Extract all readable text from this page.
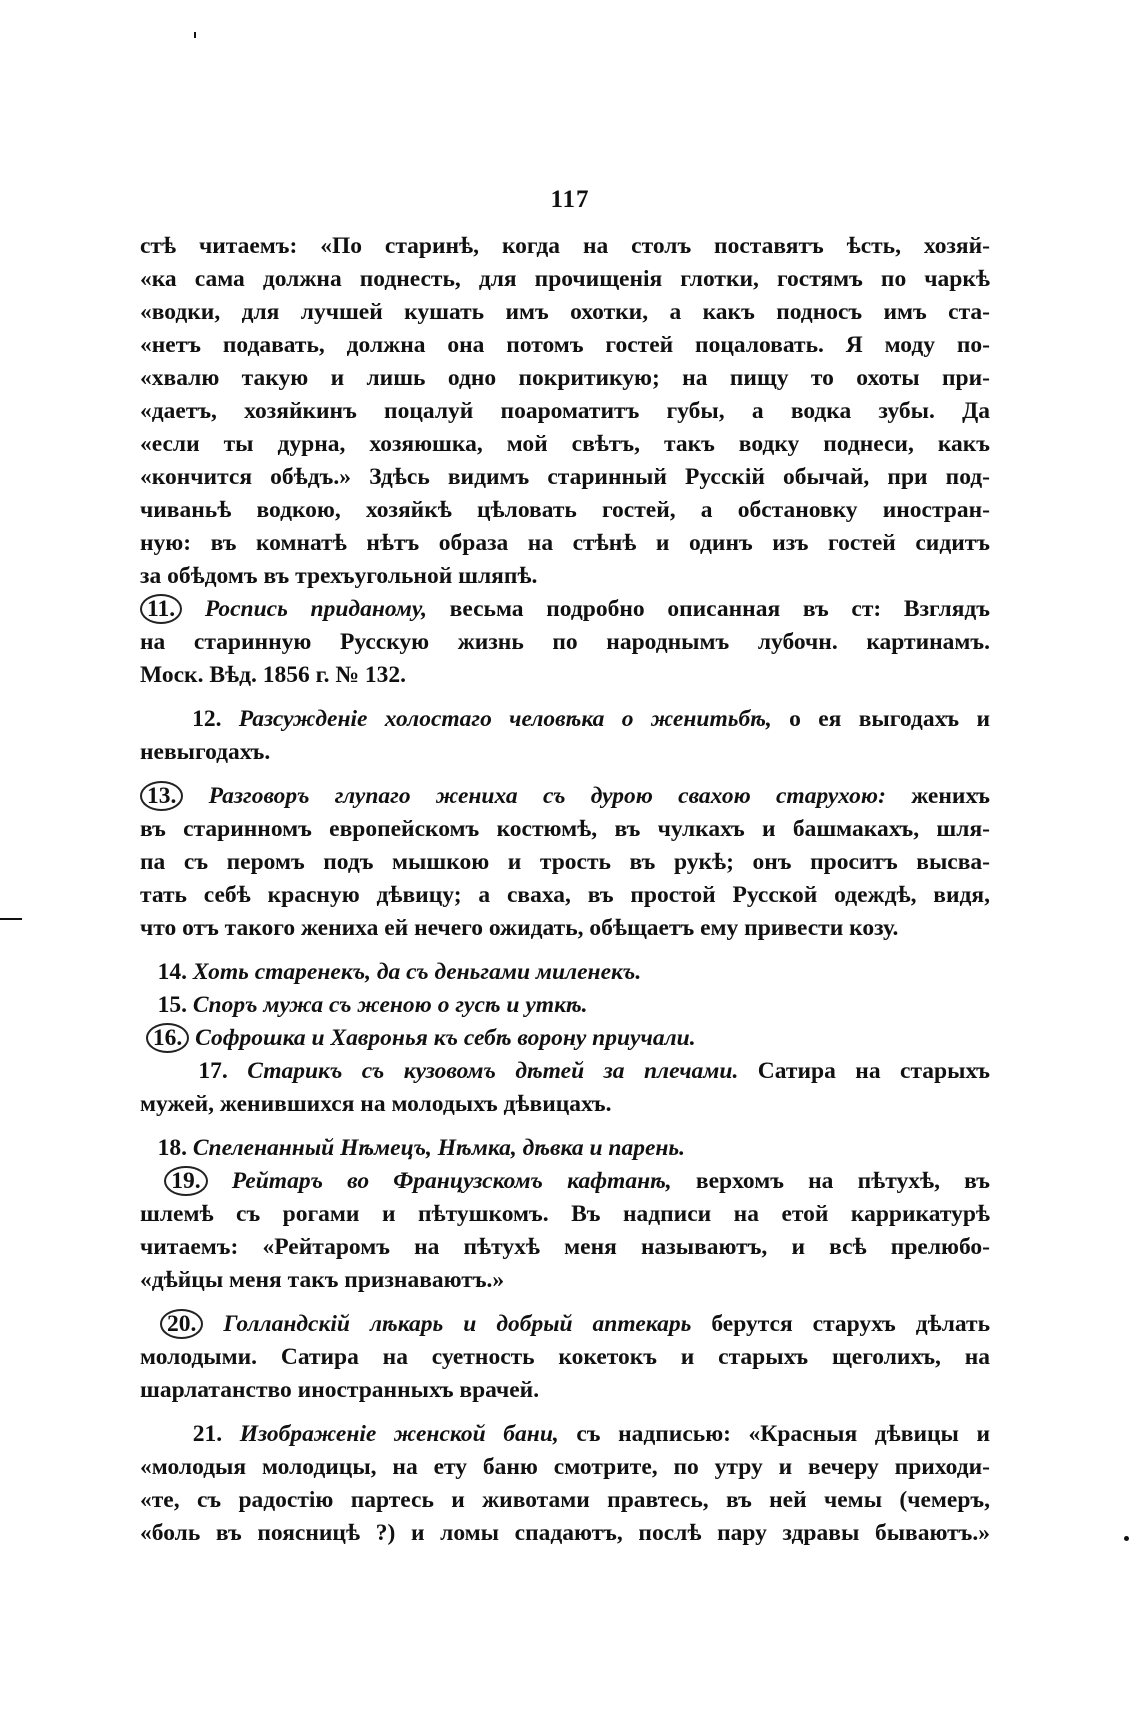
117
стѣ читаемъ: «По старинѣ, когда на столъ поставятъ ѣсть, хозяй-
«ка сама должна поднесть, для прочищенія глотки, гостямъ по чаркѣ
«водки, для лучшей кушать имъ охотки, а какъ подносъ имъ ста-
«нетъ подавать, должна она потомъ гостей поцаловать. Я моду по-
«хвалю такую и лишь одно покритикую; на пищу то охоты при-
«даетъ, хозяйкинъ поцалуй поароматитъ губы, а водка зубы. Да
«если ты дурна, хозяюшка, мой свѣтъ, такъ водку поднеси, какъ
«кончится обѣдъ.» Здѣсь видимъ старинный Русскій обычай, при под-
чиваньѣ водкою, хозяйкѣ цѣловать гостей, а обстановку иностран-
ную: въ комнатѣ нѣтъ образа на стѣнѣ и одинъ изъ гостей сидитъ
за обѣдомъ въ трехъугольной шляпѣ.
11. Роспись приданому, весьма подробно описанная въ ст: Взглядъ
на старинную Русскую жизнь по народнымъ лубочн. картинамъ.
Моск. Вѣд. 1856 г. № 132.
12. Разсужденіе холостаго человѣка о женитьбѣ, о ея выгодахъ и
невыгодахъ.
13. Разговоръ глупаго жениха съ дурою свахою старухою: женихъ
въ старинномъ европейскомъ костюмѣ, въ чулкахъ и башмакахъ, шля-
па съ перомъ подъ мышкою и трость въ рукѣ; онъ проситъ высва-
тать себѣ красную дѣвицу; а сваха, въ простой Русской одеждѣ, видя,
что отъ такого жениха ей нечего ожидать, обѣщаетъ ему привести козу.
14. Хоть старенекъ, да съ деньгами миленекъ.
15. Споръ мужа съ женою о гусѣ и уткѣ.
16. Софрошка и Хавронья къ себѣ ворону приучали.
17. Старикъ съ кузовомъ дѣтей за плечами. Сатира на старыхъ
мужей, женившихся на молодыхъ дѣвицахъ.
18. Спеленанный Нѣмецъ, Нѣмка, дѣвка и парень.
19. Рейтаръ во Французскомъ кафтанѣ, верхомъ на пѣтухѣ, въ
шлемѣ съ рогами и пѣтушкомъ. Въ надписи на етой каррикатурѣ
читаемъ: «Рейтаромъ на пѣтухѣ меня называютъ, и всѣ прелюбо-
«дѣйцы меня такъ признаваютъ.»
20. Голландскій лѣкарь и добрый аптекарь берутся старухъ дѣлать
молодыми. Сатира на суетность кокетокъ и старыхъ щеголихъ, на
шарлатанство иностранныхъ врачей.
21. Изображеніе женской бани, съ надписью: «Красныя дѣвицы и
«молодыя молодицы, на ету баню смотрите, по утру и вечеру приходи-
«те, съ радостію партесь и животами правтесь, въ ней чемы (чемеръ,
«боль въ поясницѣ ?) и ломы спадаютъ, послѣ пару здравы бываютъ.»
